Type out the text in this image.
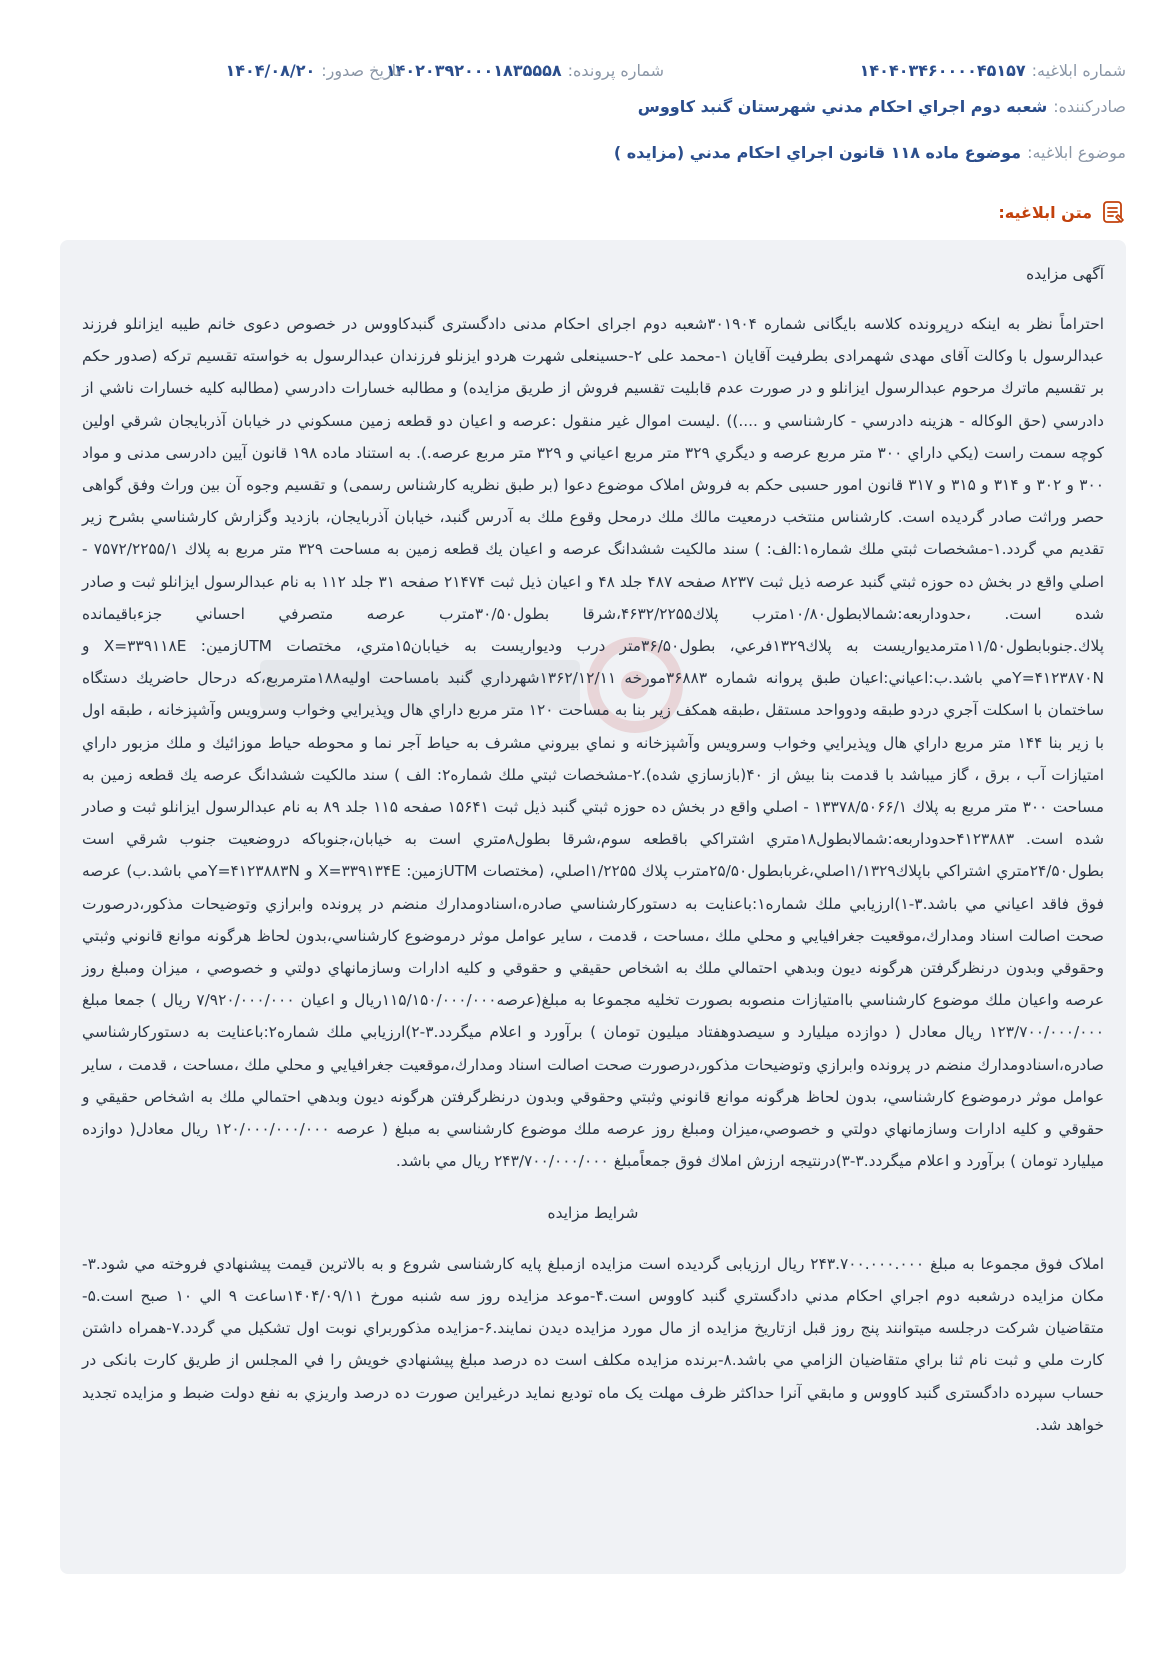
شماره ابلاغيه:
۱۴۰۴۰۳۴۶۰۰۰۰۴۵۱۵۷
شماره پرونده:
۱۴۰۲۰۳۹۲۰۰۰۱۸۳۵۵۵۸
تاريخ صدور:
۱۴۰۴/۰۸/۲۰
صادرکننده:
شعبه دوم اجراي احكام مدني شهرستان گنبد كاووس
موضوع ابلاغيه:
موضوع ماده ۱۱۸ قانون اجراي احكام مدني (مزايده )
متن ابلاغيه:

آگهی مزایده

احتراماً نظر به اینکه درپرونده کلاسه بایگانی شماره ۳۰۱۹۰۴شعبه دوم اجرای احکام مدنی دادگستری گنبدکاووس در خصوص دعوی خانم طیبه ایزانلو فرزند عبدالرسول با وکالت آقای مهدی شهمرادی بطرفیت آقایان ۱-محمد علی ۲-حسینعلی شهرت هردو ایزنلو فرزندان عبدالرسول به خواسته تقسیم ترکه (صدور حکم بر تقسیم ماترك مرحوم عبدالرسول ایزانلو و در صورت عدم قابلیت تقسیم فروش از طریق مزایده) و مطالبه خسارات دادرسي (مطالبه كليه خسارات ناشي از دادرسي (حق الوكاله - هزينه دادرسي - كارشناسي و ....)) .ليست اموال غير منقول :عرصه و اعيان دو قطعه زمين مسكوني در خیابان آذربایجان شرقي اولين كوچه سمت راست (يكي داراي ۳۰۰ متر مربع عرصه و ديگري ۳۲۹ متر مربع اعياني و ۳۲۹ متر مربع عرصه.). به استناد ماده ۱۹۸ قانون آیین دادرسی مدنی و مواد ۳۰۰ و ۳۰۲ و ۳۱۴ و ۳۱۵ و ۳۱۷ قانون امور حسبی حکم به فروش املاک موضوع دعوا (بر طبق نظریه کارشناس رسمی) و تقسیم وجوه آن بین وراث وفق گواهی حصر وراثت صادر گردیده است. كارشناس منتخب درمعيت مالك ملك درمحل وقوع ملك به آدرس گنبد، خيابان آذربايجان، بازديد وگزارش كارشناسي بشرح زير تقديم مي گردد.۱-مشخصات ثبتي ملك شماره۱:الف: ) سند مالكيت ششدانگ عرصه و اعيان يك قطعه زمين به مساحت ۳۲۹ متر مربع به پلاك ۷۵۷۲/۲۲۵۵/۱ - اصلي واقع در بخش ده حوزه ثبتي گنبد عرصه ذيل ثبت ۸۲۳۷ صفحه ۴۸۷ جلد ۴۸ و اعيان ذيل ثبت ۲۱۴۷۴ صفحه ۳۱ جلد ۱۱۲ به نام عبدالرسول ايزانلو ثبت و صادر شده است. ،حدوداربعه:شمالابطول۱۰/۸۰مترب پلاك۴۶۳۲/۲۲۵۵،شرقا بطول۳۰/۵۰مترب عرصه متصرفي احساني جزءباقيمانده پلاك.جنوبابطول۱۱/۵۰مترمديواريست به پلاك۱۳۲۹فرعي، بطول۳۶/۵۰متر درب وديواريست به خيابان۱۵متري، مختصات UTMزمين: X=۳۳۹۱۱۸E و Y=۴۱۲۳۸۷۰Nمي باشد.ب:اعياني:اعيان طبق پروانه شماره ۳۶۸۸۳مورخه ۱۳۶۲/۱۲/۱۱شهرداري گنبد بامساحت اوليه۱۸۸مترمربع،كه درحال حاضريك دستگاه ساختمان با اسكلت آجري دردو طبقه ودوواحد مستقل ،طبقه همكف زير بنا به مساحت ۱۲۰ متر مربع داراي هال وپذيرايي وخواب وسرويس وآشپزخانه ، طبقه اول با زير بنا ۱۴۴ متر مربع داراي هال وپذيرايي وخواب وسرويس وآشپزخانه و نماي بيروني مشرف به حياط آجر نما و محوطه حياط موزائيك و ملك مزبور داراي امتيازات آب ، برق ، گاز ميباشد با قدمت بنا بيش از ۴۰(بازسازي شده).۲-مشخصات ثبتي ملك شماره۲: الف ) سند مالكيت ششدانگ عرصه يك قطعه زمين به مساحت ۳۰۰ متر مربع به پلاك ۱۳۳۷۸/۵۰۶۶/۱ - اصلي واقع در بخش ده حوزه ثبتي گنبد ذيل ثبت ۱۵۶۴۱ صفحه ۱۱۵ جلد ۸۹ به نام عبدالرسول ايزانلو ثبت و صادر شده است. ۴۱۲۳۸۸۳حدوداربعه:شمالابطول۱۸متري اشتراكي باقطعه سوم،شرقا بطول۸متري است به خيابان،جنوباكه دروضعيت جنوب شرقي است بطول۲۴/۵۰متري اشتراكي باپلاك۱/۱۳۲۹اصلي،غربابطول۲۵/۵۰مترب پلاك ۱/۲۲۵۵اصلي، (مختصات UTMزمين: X=۳۳۹۱۳۴E و Y=۴۱۲۳۸۸۳Nمي باشد.ب) عرصه فوق فاقد اعياني مي باشد.۳-۱)ارزيابي ملك شماره۱:باعنايت به دستوركارشناسي صادره،اسنادومدارك منضم در پرونده وابرازي وتوضيحات مذكور،درصورت صحت اصالت اسناد ومدارك،موقعيت جغرافيايي و محلي ملك ،مساحت ، قدمت ، ساير عوامل موثر درموضوع كارشناسي،بدون لحاظ هرگونه موانع قانوني وثبتي وحقوقي وبدون درنظرگرفتن هرگونه ديون وبدهي احتمالي ملك به اشخاص حقيقي و حقوقي و كليه ادارات وسازمانهاي دولتي و خصوصي ، ميزان ومبلغ روز عرصه واعيان ملك موضوع كارشناسي باامتيازات منصوبه بصورت تخليه مجموعا به مبلغ(عرصه۱۱۵/۱۵۰/۰۰۰/۰۰۰ريال و اعيان ۷/۹۲۰/۰۰۰/۰۰۰ ريال ) جمعا مبلغ ۱۲۳/۷۰۰/۰۰۰/۰۰۰ ريال معادل ( دوازده ميليارد و سيصدوهفتاد ميليون تومان ) برآورد و اعلام ميگردد.۳-۲)ارزيابي ملك شماره۲:باعنايت به دستوركارشناسي صادره،اسنادومدارك منضم در پرونده وابرازي وتوضيحات مذكور،درصورت صحت اصالت اسناد ومدارك،موقعيت جغرافيايي و محلي ملك ،مساحت ، قدمت ، ساير عوامل موثر درموضوع كارشناسي، بدون لحاظ هرگونه موانع قانوني وثبتي وحقوقي وبدون درنظرگرفتن هرگونه ديون وبدهي احتمالي ملك به اشخاص حقيقي و حقوقي و كليه ادارات وسازمانهاي دولتي و خصوصي،ميزان ومبلغ روز عرصه ملك موضوع كارشناسي به مبلغ ( عرصه ۱۲۰/۰۰۰/۰۰۰/۰۰۰ ريال معادل( دوازده ميليارد تومان ) برآورد و اعلام ميگردد.۳-۳)درنتيجه ارزش املاك فوق جمعاًمبلغ ۲۴۳/۷۰۰/۰۰۰/۰۰۰ ريال مي باشد.

شرایط مزایده

املاک فوق مجموعا به مبلغ ۲۴۳.۷۰۰.۰۰۰.۰۰۰ ریال ارزیابی گردیده است مزایده ازمبلغ پایه کارشناسی شروع و به بالاترین قیمت پیشنهادي فروخته مي شود.۳-مکان مزایده درشعبه دوم اجراي احکام مدني دادگستري گنبد کاووس است.۴-موعد مزایده روز سه شنبه مورخ ۱۴۰۴/۰۹/۱۱ساعت ۹ الي ۱۰ صبح است.۵-متقاضیان شرکت درجلسه میتوانند پنج روز قبل ازتاریخ مزایده از مال مورد مزایده دیدن نمایند.۶-مزایده مذکوربراي نوبت اول تشکیل مي گردد.۷-همراه داشتن کارت ملي و ثبت نام ثنا براي متقاضیان الزامي مي باشد.۸-برنده مزایده مکلف است ده درصد مبلغ پیشنهادي خویش را في المجلس از طریق کارت بانکی در حساب سپرده دادگستری گنبد کاووس و مابقي آنرا حداکثر ظرف مهلت یک ماه تودیع نماید درغیراین صورت ده درصد واریزي به نفع دولت ضبط و مزایده تجدید خواهد شد.
